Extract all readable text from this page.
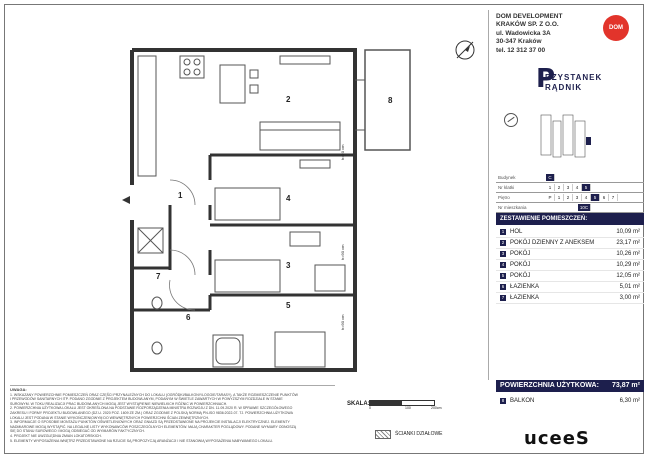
2
1	4
3
5
6
7
8
h=90 cm
h=90 cm
h=90 cm
DOM DEVELOPMENT
KRAKÓW SP. Z O.O.
ul. Wadowicka 3A
30-347 Kraków
tel. 12 312 37 00
DOM
P
RZYSTANEK
RĄDNIK
Budynek	C
Nr klatki	1	2	3	4	5
Piętro	P	1	2	3	4	5	6	7
Nr mieszkania	10C
ZESTAWIENIE POMIESZCZEŃ:
1 HOL	10,09 m²
2 POKÓJ DZIENNY Z ANEKSEM	23,17 m²
3 POKÓJ	10,26 m²
4 POKÓJ	10,29 m²
5 POKÓJ	12,05 m²
6 ŁAZIENKA	5,01 m²
7 ŁAZIENKA	3,00 m²
POWIERZCHNIA UŻYTKOWA: 73,87 m²
8 BALKON	6,30 m²
UWAGA:
1. WSKAZANY POWIERZCHNIE POMIESZCZEŃ ORAZ CZĘŚCI PRZYNALEŻNYCH DO LOKALU (OGRÓDKI/BALKONY/LOGGIE/TARASY), A TAKŻE ROZMIESZCZENIE PUNKTÓW
I PRZEWODÓW SANITARNYCH ITP. PODANO ZGODNIE Z PROJEKTEM BUDOWLANYM, PODANYM W ŚWIETLE ZAWARTYCH W POWYŻSZYM ROZDZIALE W STANIE
SUROWYM. W TOKU REALIZACJI PRAC BUDOWLANYCH MOGĄ JEST WYSTĄPIENIE NIEWIELKICH RÓŻNIC W POWIERZCHNIACH.
2. POWIERZCHNIA UŻYTKOWA LOKALU JEST OKREŚLONA NA PODSTAWIE ROZPORZĄDZENIA MINISTRA ROZWOJU Z DN. 11.09.2020 R. W SPRAWIE SZCZEGÓŁOWEGO
ZAKRESU I FORMY PROJEKTU BUDOWLANEGO (DZ.U. 2020 POZ. 1609 ZE ZM.) ORAZ ZGODNIE Z POLSKĄ NORMĄ PN-ISO 9836:2022-07. TJ. POWIERZCHNIA UŻYTKOWA
LOKALU JEST PODANA W STANIE WYKOŃCZENIOWYM DO WEWNĘTRZNYCH POWIERZCHNI ŚCIAN ZEWNĘTRZNYCH.
3. INFORMACJE O SPOSOBIE MONTAŻU PUNKTÓW OŚWIETLENIOWYCH ORAZ GNIAZD SĄ PRZEDSTAWIONE NA PROJEKCIE INSTALACJI ELEKTRYCZNEJ. ELEMENTY
NADMIAROWE MOGĄ WYSTĄPIĆ. NA LEGALNE LISTY WYKONAWCÓW POSZCZEGÓLNYCH ELEMENTÓW. MAJĄ CHARAKTER POGLĄDOWY. PODANE WYMIARY ODNOSZĄ
SIĘ DO STANU SUROWEGO I MOGĄ ODBIEGAĆ OD WYMIARÓW FAKTYCZNYCH.
4. PROJEKT NIE UWZGLĘDNIA ZMIAN LOKATORSKICH.
5. ELEMENTY WYPOSAŻENIA WNĘTRZ PRZEDSTAWIONE NA RZUCIE SĄ PROPOZYCJĄ ARANŻACJI I NIE STANOWIĄ WYPOSAŻENIA NABYWANEGO LOKALU.
SKALA:
0	100	200cm
ŚCIANKI DZIAŁOWE	uceeS
